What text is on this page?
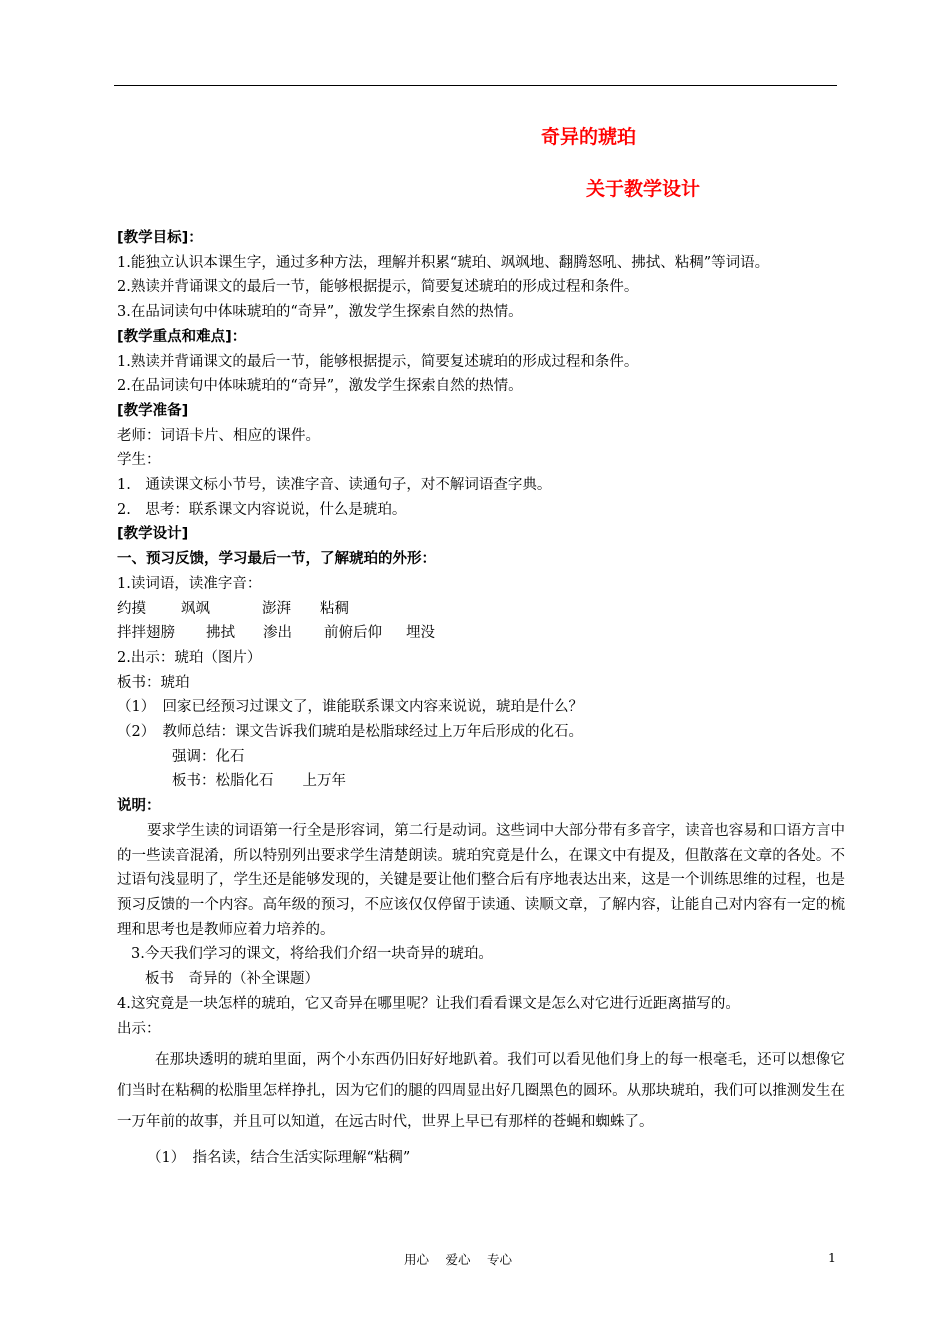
奇异的琥珀
关于教学设计
[教学目标]：
1.能独立认识本课生字，通过多种方法，理解并积累“琥珀、飒飒地、翻腾怒吼、拂拭、粘稠”等词语。
2.熟读并背诵课文的最后一节，能够根据提示，简要复述琥珀的形成过程和条件。
3.在品词读句中体味琥珀的“奇异”，激发学生探索自然的热情。
[教学重点和难点]：
1.熟读并背诵课文的最后一节，能够根据提示，简要复述琥珀的形成过程和条件。
2.在品词读句中体味琥珀的“奇异”，激发学生探索自然的热情。
[教学准备]
老师：词语卡片、相应的课件。
学生：
1.　通读课文标小节号，读准字音、读通句子，对不解词语查字典。
2.　思考：联系课文内容说说，什么是琥珀。
[教学设计]
一、预习反馈，学习最后一节，了解琥珀的外形：
1.读词语，读准字音：
约摸 飒飒	澎湃 粘稠
拌拌翅膀 拂拭 渗出 前俯后仰 埋没
2.出示：琥珀（图片）
板书：琥珀
（1）　回家已经预习过课文了，谁能联系课文内容来说说，琥珀是什么？
（2）　教师总结：课文告诉我们琥珀是松脂球经过上万年后形成的化石。
强调：化石
板书：松脂化石　　上万年
说明：
要求学生读的词语第一行全是形容词，第二行是动词。这些词中大部分带有多音字，读音也容易和口语方言中的一些读音混淆，所以特别列出要求学生清楚朗读。琥珀究竟是什么，在课文中有提及，但散落在文章的各处。不过语句浅显明了，学生还是能够发现的，关键是要让他们整合后有序地表达出来，这是一个训练思维的过程，也是预习反馈的一个内容。高年级的预习，不应该仅仅停留于读通、读顺文章，了解内容，让能自己对内容有一定的梳理和思考也是教师应着力培养的。
3.今天我们学习的课文，将给我们介绍一块奇异的琥珀。
板书　奇异的（补全课题）
4.这究竟是一块怎样的琥珀，它又奇异在哪里呢？让我们看看课文是怎么对它进行近距离描写的。
出示：
在那块透明的琥珀里面，两个小东西仍旧好好地趴着。我们可以看见他们身上的每一根毫毛，还可以想像它们当时在粘稠的松脂里怎样挣扎，因为它们的腿的四周显出好几圈黑色的圆环。从那块琥珀，我们可以推测发生在一万年前的故事，并且可以知道，在远古时代，世界上早已有那样的苍蝇和蜘蛛了。
（1）　指名读，结合生活实际理解“粘稠”
用心　 爱心　 专心	1
